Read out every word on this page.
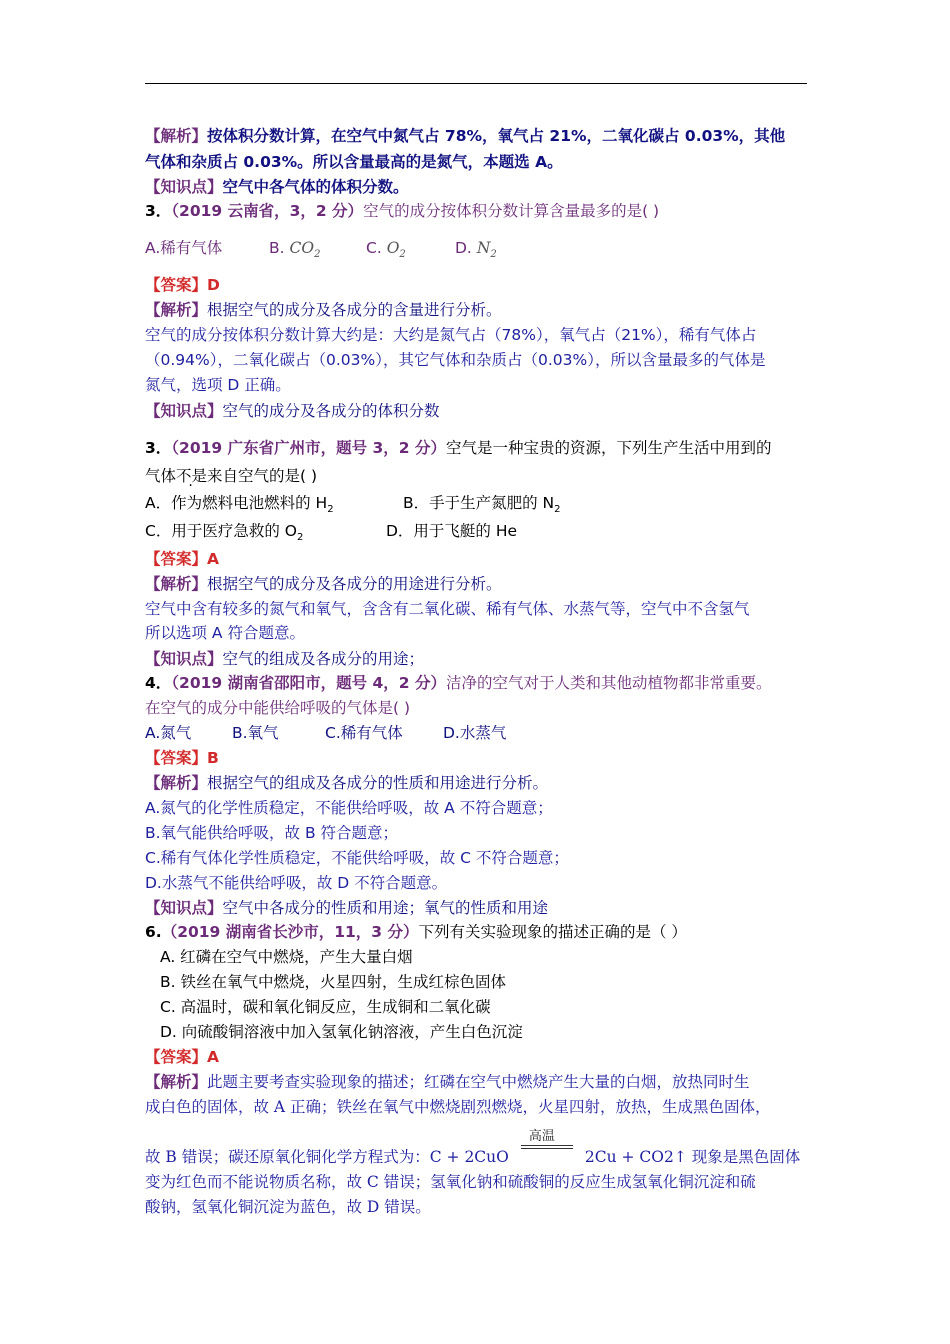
【解析】按体积分数计算，在空气中氮气占 78%，氧气占 21%，二氧化碳占 0.03%，其他
气体和杂质占 0.03%。所以含量最高的是氮气，本题选 A。
【知识点】空气中各气体的体积分数。
3．（2019 云南省，3，2 分）空气的成分按体积分数计算含量最多的是( )
A.稀有气体	B. $CO_2$	C. $O_2$	D. $N_2$
【答案】D
【解析】根据空气的成分及各成分的含量进行分析。
空气的成分按体积分数计算大约是：大约是氮气占（78%），氧气占（21%），稀有气体占
（0.94%），二氧化碳占（0.03%），其它气体和杂质占（0.03%），所以含量最多的气体是
氮气，选项 D 正确。
【知识点】空气的成分及各成分的体积分数
3．（2019 广东省广州市，题号 3，2 分）空气是一种宝贵的资源，下列生产生活中用到的
气体不是来自空气的是( )
A．作为燃料电池燃料的 $H_2$	B．手于生产氮肥的 $N_2$
C．用于医疗急救的 $O_2$	D．用于飞艇的 He
【答案】A
【解析】根据空气的成分及各成分的用途进行分析。
空气中含有较多的氮气和氧气，含含有二氧化碳、稀有气体、水蒸气等，空气中不含氢气
所以选项 A 符合题意。
【知识点】空气的组成及各成分的用途；
4．（2019 湖南省邵阳市，题号 4，2 分）洁净的空气对于人类和其他动植物都非常重要。
在空气的成分中能供给呼吸的气体是( )
A.氮气	B.氧气	C.稀有气体	D.水蒸气
【答案】B
【解析】根据空气的组成及各成分的性质和用途进行分析。
A.氮气的化学性质稳定，不能供给呼吸，故 A 不符合题意；
B.氧气能供给呼吸，故 B 符合题意；
C.稀有气体化学性质稳定，不能供给呼吸，故 C 不符合题意；
D.水蒸气不能供给呼吸，故 D 不符合题意。
【知识点】空气中各成分的性质和用途；氧气的性质和用途
6.（2019 湖南省长沙市，11，3 分）下列有关实验现象的描述正确的是（ ）
A. 红磷在空气中燃烧，产生大量白烟
B. 铁丝在氧气中燃烧，火星四射，生成红棕色固体
C. 高温时，碳和氧化铜反应，生成铜和二氧化碳
D. 向硫酸铜溶液中加入氢氧化钠溶液，产生白色沉淀
【答案】A
【解析】此题主要考查实验现象的描述；红磷在空气中燃烧产生大量的白烟，放热同时生
成白色的固体，故 A 正确；铁丝在氧气中燃烧剧烈燃烧，火星四射，放热，生成黑色固体，
故 B 错误；碳还原氧化铜化学方程式为：C + 2CuO
高温
2Cu + CO2↑ 现象是黑色固体
变为红色而不能说物质名称，故 C 错误；氢氧化钠和硫酸铜的反应生成氢氧化铜沉淀和硫
酸钠，氢氧化铜沉淀为蓝色，故 D 错误。
